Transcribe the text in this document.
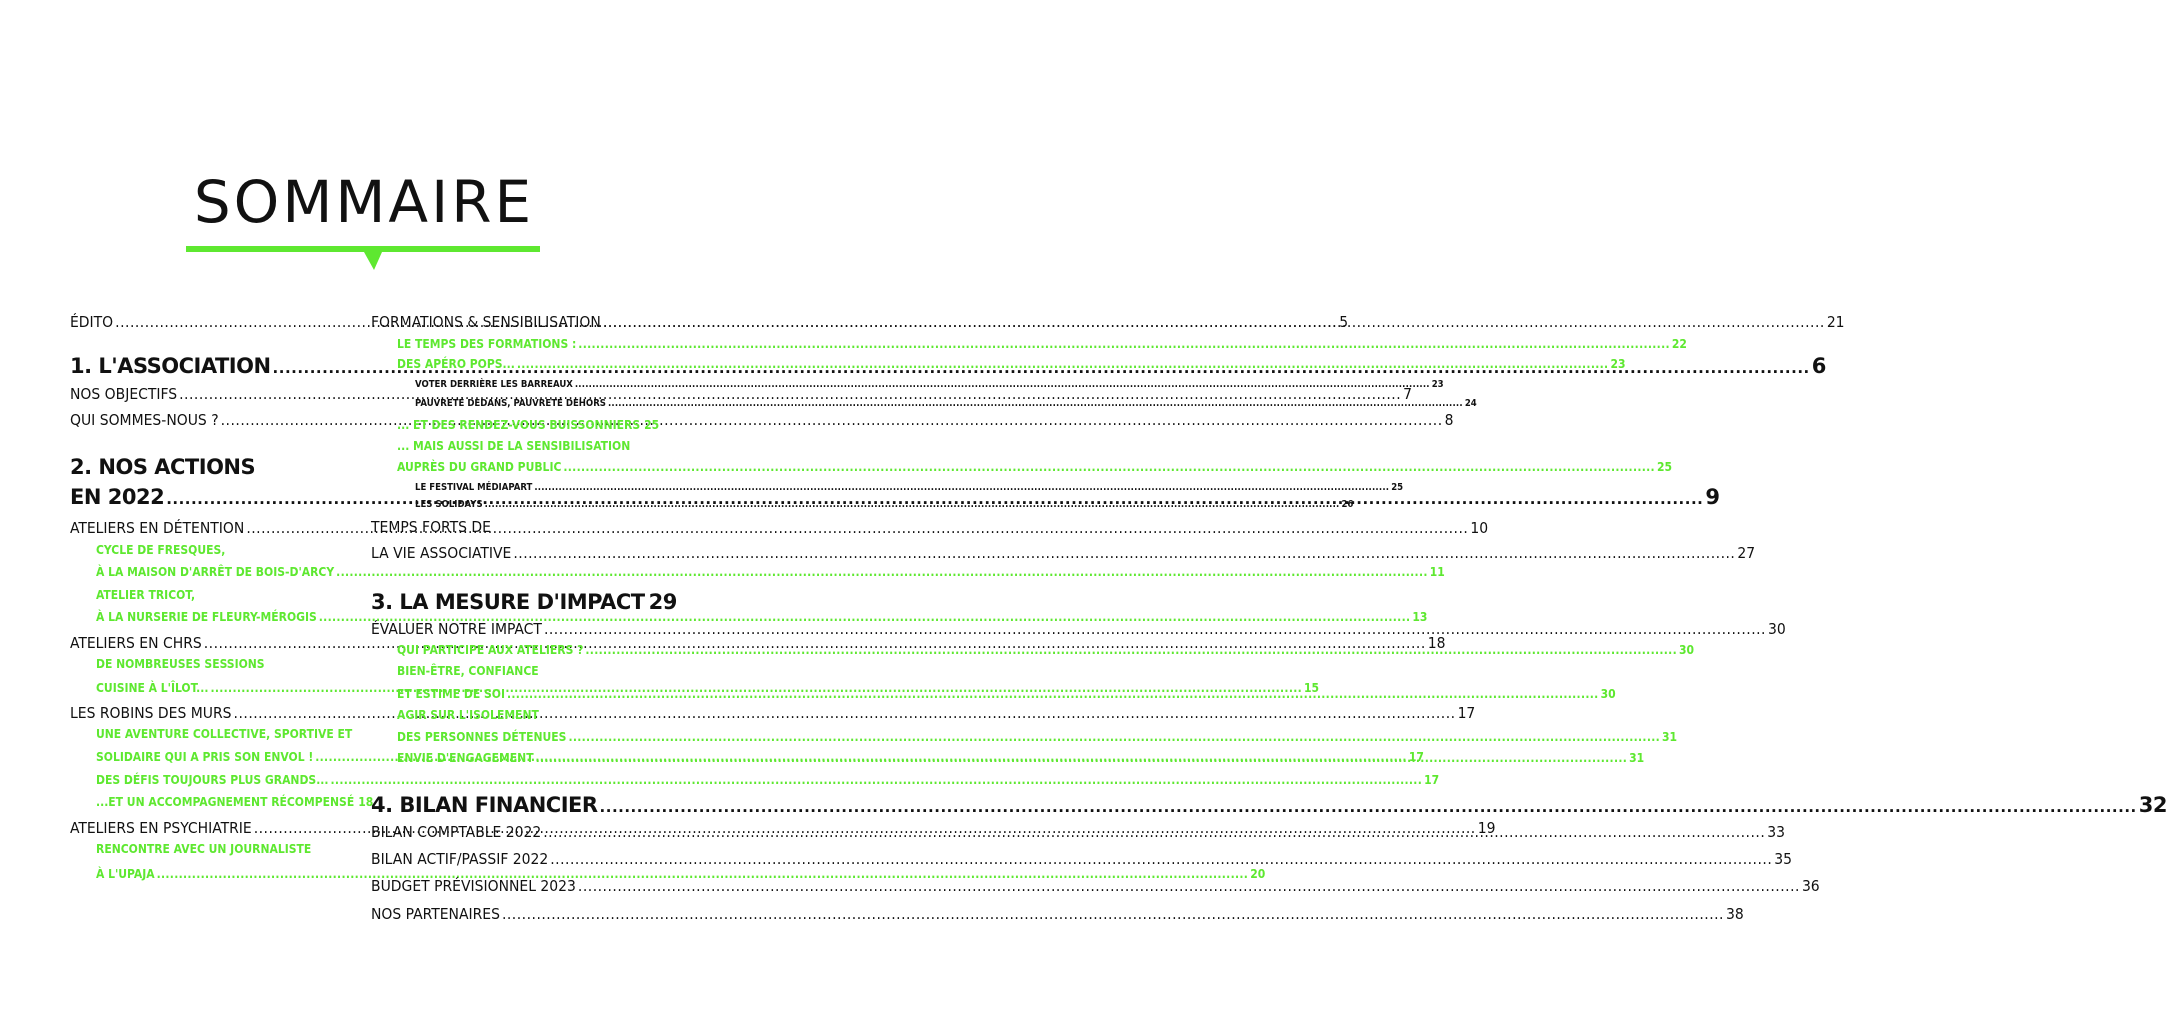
SOMMAIRE
ÉDITO .....	5
1. L'ASSOCIATION .....	6
NOS OBJECTIFS .....	7
QUI SOMMES-NOUS ? .....	8
2. NOS ACTIONS
EN 2022 .....	9
ATELIERS EN DÉTENTION .....	10
CYCLE DE FRESQUES,
À LA MAISON D'ARRÊT DE BOIS-D'ARCY .....	11
ATELIER TRICOT,
À LA NURSERIE DE FLEURY-MÉROGIS .....	13
ATELIERS EN CHRS .....	18
DE NOMBREUSES SESSIONS
CUISINE À L'ÎLOT... .....	15
LES ROBINS DES MURS .....	17
UNE AVENTURE COLLECTIVE, SPORTIVE ET
SOLIDAIRE QUI A PRIS SON ENVOL ! .....	17
DES DÉFIS TOUJOURS PLUS GRANDS... .....	17
...ET UN ACCOMPAGNEMENT RÉCOMPENSÉ 18
ATELIERS EN PSYCHIATRIE .....	19
RENCONTRE AVEC UN JOURNALISTE
À L'UPAJA .....	20
FORMATIONS & SENSIBILISATION .....	21
LE TEMPS DES FORMATIONS : .....	22
DES APÉRO POPS... .....	23
VOTER DERRIÈRE LES BARREAUX .....	23
PAUVRETÉ DEDANS, PAUVRETÉ DEHORS .....	24
... ET DES RENDEZ-VOUS BUISSONNIERS 25
... MAIS AUSSI DE LA SENSIBILISATION
AUPRÈS DU GRAND PUBLIC .....	25
LE FESTIVAL MÉDIAPART .....	25
LES SOLIDAYS .....	26
TEMPS FORTS DE
LA VIE ASSOCIATIVE .....	27
3. LA MESURE D'IMPACT 29
ÉVALUER NOTRE IMPACT .....	30
QUI PARTICIPE AUX ATELIERS ? .....	30
BIEN-ÊTRE, CONFIANCE
ET ESTIME DE SOI .....	30
AGIR SUR L'ISOLEMENT
DES PERSONNES DÉTENUES .....	31
ENVIE D'ENGAGEMENT .....	31
4. BILAN FINANCIER .....	32
BILAN COMPTABLE 2022 .....	33
BILAN ACTIF/PASSIF 2022 .....	35
BUDGET PRÉVISIONNEL 2023 .....	36
NOS PARTENAIRES .....	38
